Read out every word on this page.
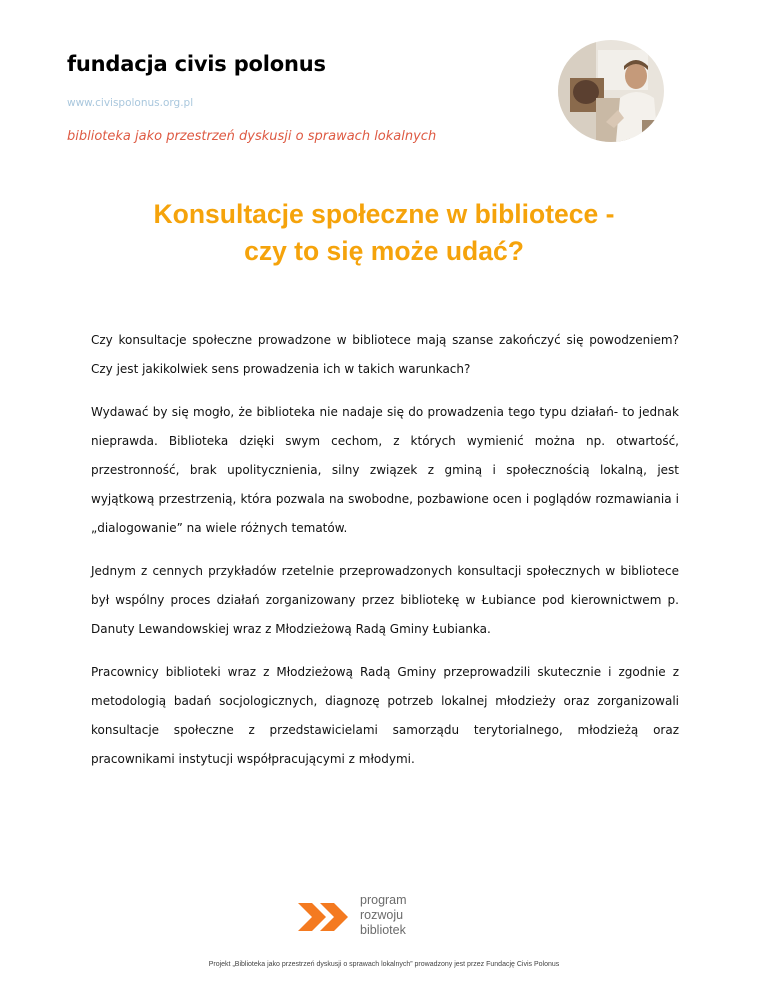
fundacja civis polonus
www.civispolonus.org.pl
biblioteka jako przestrzeń dyskusji o sprawach lokalnych
Konsultacje społeczne w bibliotece -
czy to się może udać?

Czy konsultacje społeczne prowadzone w bibliotece mają szanse zakończyć się powodzeniem? Czy jest jakikolwiek sens prowadzenia ich w takich warunkach?

Wydawać by się mogło, że biblioteka nie nadaje się do prowadzenia tego typu działań- to jednak nieprawda. Biblioteka dzięki swym cechom, z których wymienić można np. otwartość, przestronność, brak upolitycznienia, silny związek z gminą i społecznością lokalną, jest wyjątkową przestrzenią, która pozwala na swobodne, pozbawione ocen i poglądów rozmawiania i „dialogowanie” na wiele różnych tematów.

Jednym z cennych przykładów rzetelnie przeprowadzonych konsultacji społecznych w bibliotece był wspólny proces działań zorganizowany przez bibliotekę w Łubiance pod kierownictwem p. Danuty Lewandowskiej wraz z Młodzieżową Radą Gminy Łubianka.

Pracownicy biblioteki wraz z Młodzieżową Radą Gminy przeprowadzili skutecznie i zgodnie z metodologią badań socjologicznych, diagnozę potrzeb lokalnej młodzieży oraz zorganizowali konsultacje społeczne z przedstawicielami samorządu terytorialnego, młodzieżą oraz pracownikami instytucji współpracującymi z młodymi.

program
rozwoju
bibliotek
Projekt „Biblioteka jako przestrzeń dyskusji o sprawach lokalnych” prowadzony jest przez Fundację Civis Polonus
